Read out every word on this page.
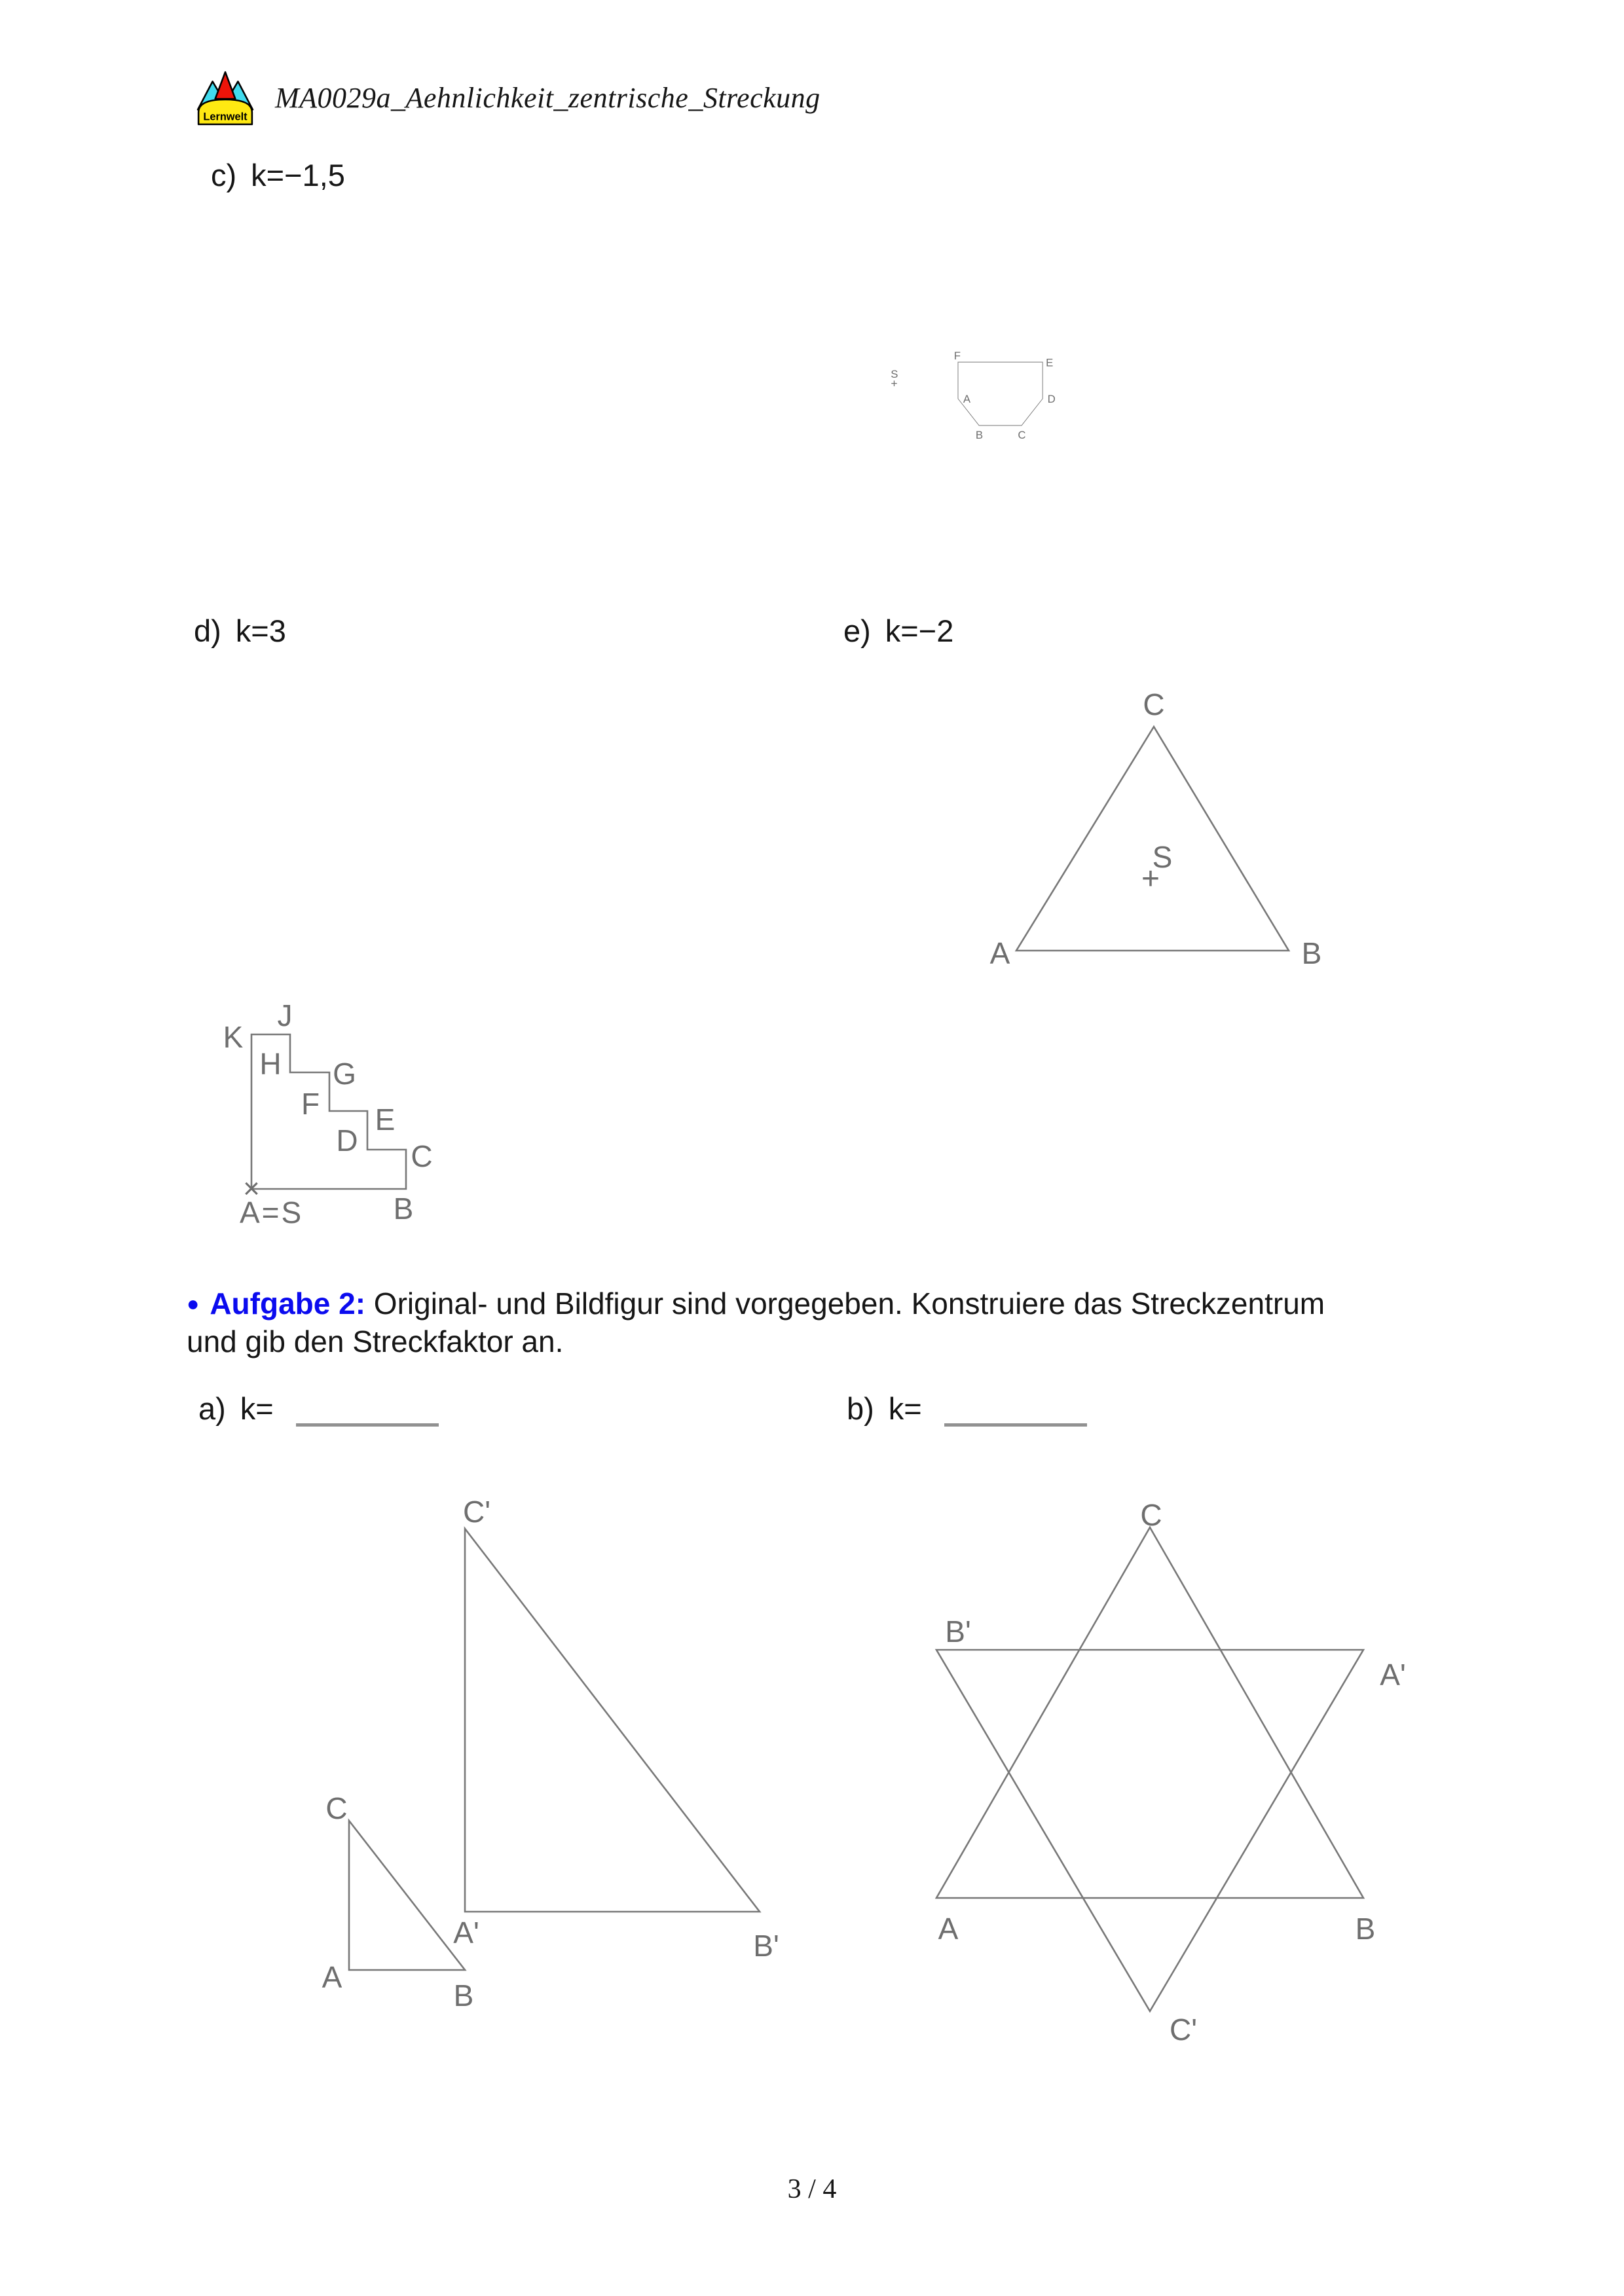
Lernwelt
MA0029a_Aehnlichkeit_zentrische_Streckung
c) k=−1,5
S
+
F
E
D
A
B C
d) k=3	e) k=−2
C
A	B
S
+
K
J
H G
F E
D C
B
×
A=S
● Aufgabe 2: Original- und Bildfigur sind vorgegeben. Konstruiere das Streckzentrum
und gib den Streckfaktor an.
a) k=	b) k=
C'
A'	B'
C
A
B
C
B'
A'
A	B
C'
3 / 4
